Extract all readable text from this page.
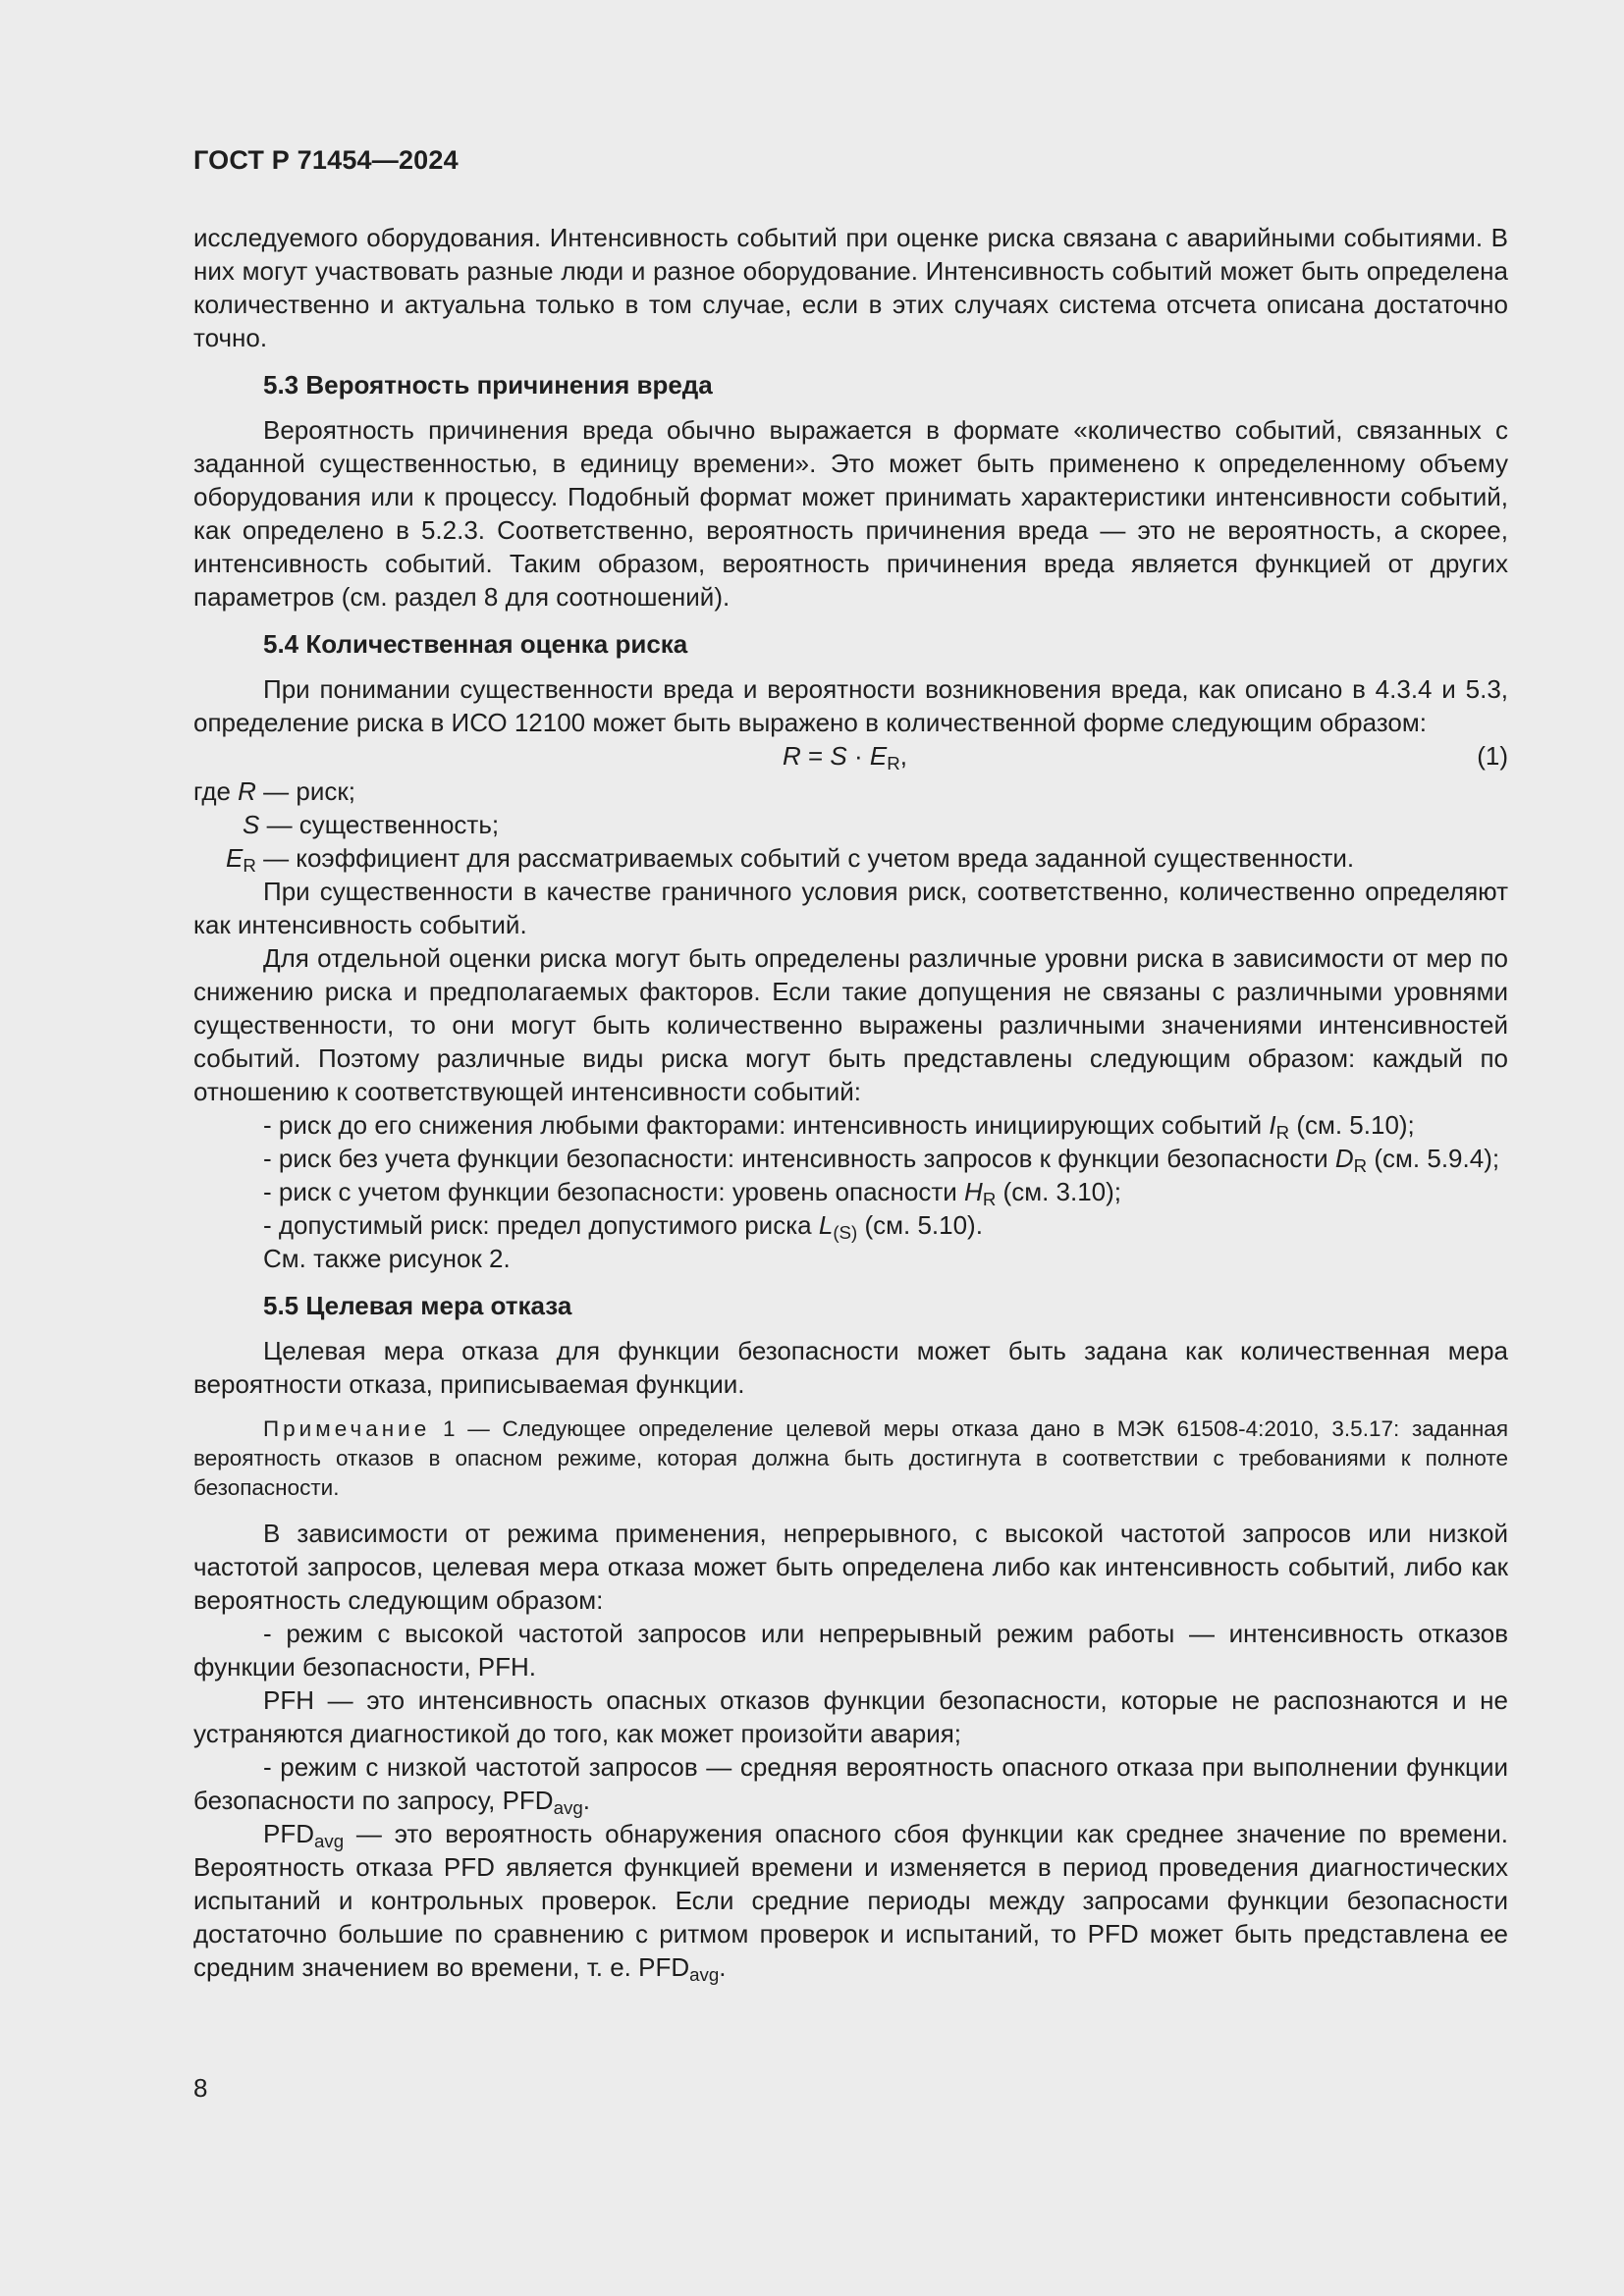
ГОСТ Р 71454—2024

исследуемого оборудования. Интенсивность событий при оценке риска связана с аварийными событиями. В них могут участвовать разные люди и разное оборудование. Интенсивность событий может быть определена количественно и актуальна только в том случае, если в этих случаях система отсчета описана достаточно точно.

5.3 Вероятность причинения вреда

Вероятность причинения вреда обычно выражается в формате «количество событий, связанных с заданной существенностью, в единицу времени». Это может быть применено к определенному объему оборудования или к процессу. Подобный формат может принимать характеристики интенсивности событий, как определено в 5.2.3. Соответственно, вероятность причинения вреда — это не вероятность, а скорее, интенсивность событий. Таким образом, вероятность причинения вреда является функцией от других параметров (см. раздел 8 для соотношений).

5.4 Количественная оценка риска

При понимании существенности вреда и вероятности возникновения вреда, как описано в 4.3.4 и 5.3, определение риска в ИСО 12100 может быть выражено в количественной форме следующим образом:

$R = S \cdot E_R$,	(1)
где R — риск;
S — существенность;
$E_R$ — коэффициент для рассматриваемых событий с учетом вреда заданной существенности.

При существенности в качестве граничного условия риск, соответственно, количественно определяют как интенсивность событий.

Для отдельной оценки риска могут быть определены различные уровни риска в зависимости от мер по снижению риска и предполагаемых факторов. Если такие допущения не связаны с различными уровнями существенности, то они могут быть количественно выражены различными значениями интенсивностей событий. Поэтому различные виды риска могут быть представлены следующим образом: каждый по отношению к соответствующей интенсивности событий:

- риск до его снижения любыми факторами: интенсивность инициирующих событий $I_R$ (см. 5.10);

- риск без учета функции безопасности: интенсивность запросов к функции безопасности $D_R$ (см. 5.9.4);

- риск с учетом функции безопасности: уровень опасности $H_R$ (см. 3.10);

- допустимый риск: предел допустимого риска $L_{(S)}$ (см. 5.10).

См. также рисунок 2.

5.5 Целевая мера отказа

Целевая мера отказа для функции безопасности может быть задана как количественная мера вероятности отказа, приписываемая функции.

Примечание 1 — Следующее определение целевой меры отказа дано в МЭК 61508-4:2010, 3.5.17: заданная вероятность отказов в опасном режиме, которая должна быть достигнута в соответствии с требованиями к полноте безопасности.

В зависимости от режима применения, непрерывного, с высокой частотой запросов или низкой частотой запросов, целевая мера отказа может быть определена либо как интенсивность событий, либо как вероятность следующим образом:

- режим с высокой частотой запросов или непрерывный режим работы — интенсивность отказов функции безопасности, PFH.

PFH — это интенсивность опасных отказов функции безопасности, которые не распознаются и не устраняются диагностикой до того, как может произойти авария;

- режим с низкой частотой запросов — средняя вероятность опасного отказа при выполнении функции безопасности по запросу, $PFD_{avg}$.

$PFD_{avg}$ — это вероятность обнаружения опасного сбоя функции как среднее значение по времени. Вероятность отказа PFD является функцией времени и изменяется в период проведения диагностических испытаний и контрольных проверок. Если средние периоды между запросами функции безопасности достаточно большие по сравнению с ритмом проверок и испытаний, то PFD может быть представлена ее средним значением во времени, т. е. $PFD_{avg}$.

8
